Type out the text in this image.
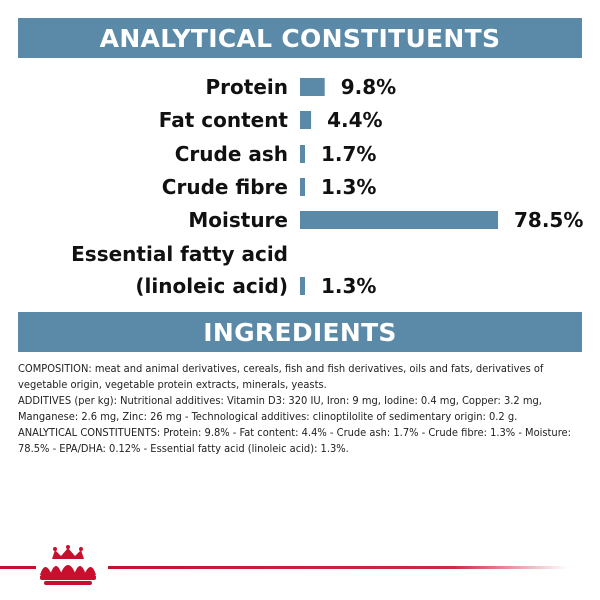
ANALYTICAL CONSTITUENTS
Protein	9.8%
Fat content 4.4%
Crude ash 1.7%
Crude fibre 1.3%
Moisture	78.5%
Essential fatty acid
(linoleic acid) 1.3%
INGREDIENTS

COMPOSITION: meat and animal derivatives, cereals, fish and fish derivatives, oils and fats, derivatives of vegetable origin, vegetable protein extracts, minerals, yeasts.

ADDITIVES (per kg): Nutritional additives: Vitamin D3: 320 IU, Iron: 9 mg, Iodine: 0.4 mg, Copper: 3.2 mg, Manganese: 2.6 mg, Zinc: 26 mg - Technological additives: clinoptilolite of sedimentary origin: 0.2 g.

ANALYTICAL CONSTITUENTS: Protein: 9.8% - Fat content: 4.4% - Crude ash: 1.7% - Crude fibre: 1.3% - Moisture: 78.5% - EPA/DHA: 0.12% - Essential fatty acid (linoleic acid): 1.3%.
